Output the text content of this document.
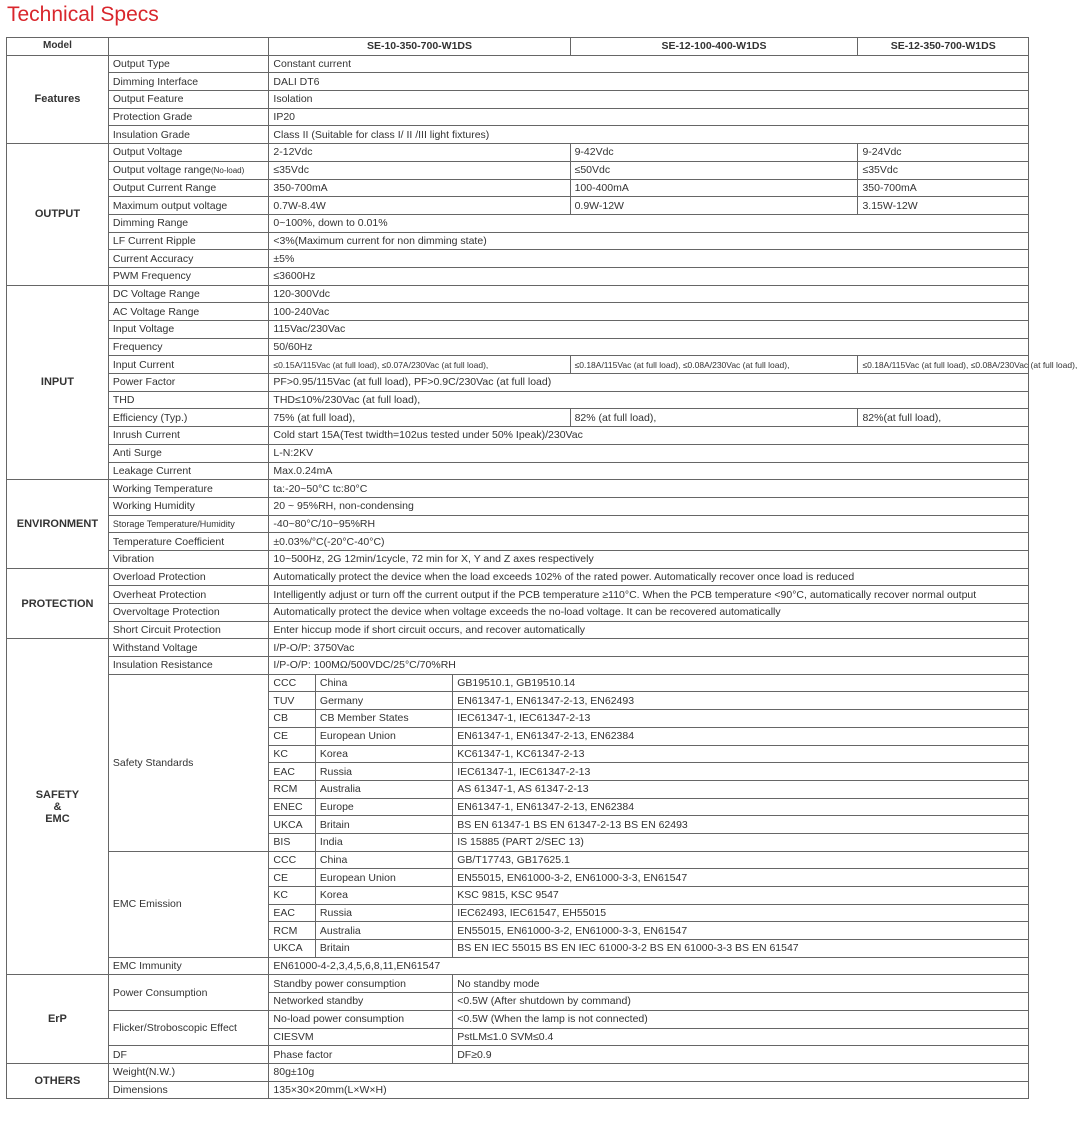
Technical Specs
Model		SE-10-350-700-W1DS			SE-12-100-400-W1DS	SE-12-350-700-W1DS
Features	Output Type	Constant current				
	Dimming Interface	DALI DT6				
	Output Feature	Isolation				
	Protection Grade	IP20				
	Insulation Grade	Class II (Suitable for class I/ II /III light fixtures)				
OUTPUT	Output Voltage	2-12Vdc			9-42Vdc	9-24Vdc
	Output voltage range(No-load)	≤35Vdc			≤50Vdc	≤35Vdc
	Output Current Range	350-700mA			100-400mA	350-700mA
	Maximum output voltage	0.7W-8.4W			0.9W-12W	3.15W-12W
	Dimming Range	0~100%, down to 0.01%				
	LF Current Ripple	<3%(Maximum current for non dimming state)				
	Current Accuracy	±5%				
	PWM Frequency	≤3600Hz				
INPUT	DC Voltage Range	120-300Vdc				
	AC Voltage Range	100-240Vac				
	Input Voltage	115Vac/230Vac				
	Frequency	50/60Hz				
	Input Current	≤0.15A/115Vac (at full load), ≤0.07A/230Vac (at full load),			≤0.18A/115Vac (at full load), ≤0.08A/230Vac (at full load),	≤0.18A/115Vac (at full load), ≤0.08A/230Vac (at full load),
	Power Factor	PF>0.95/115Vac (at full load), PF>0.9C/230Vac (at full load)				
	THD	THD≤10%/230Vac (at full load),				
	Efficiency (Typ.)	75% (at full load),			82% (at full load),	82%(at full load),
	Inrush Current	Cold start 15A(Test twidth=102us tested under 50% Ipeak)/230Vac				
	Anti Surge	L-N:2KV				
	Leakage Current	Max.0.24mA				
ENVIRONMENT	Working Temperature	ta:-20~50°C tc:80°C				
	Working Humidity	20 ~ 95%RH, non-condensing				
	Storage Temperature/Humidity	-40~80°C/10~95%RH				
	Temperature Coefficient	±0.03%/°C(-20°C-40°C)				
	Vibration	10~500Hz, 2G 12min/1cycle, 72 min for X, Y and Z axes respectively				
PROTECTION	Overload Protection	Automatically protect the device when the load exceeds 102% of the rated power. Automatically recover once load is reduced				
	Overheat Protection	Intelligently adjust or turn off the current output if the PCB temperature ≥110°C. When the PCB temperature <90°C, automatically recover normal output				
	Overvoltage Protection	Automatically protect the device when voltage exceeds the no-load voltage. It can be recovered automatically				
	Short Circuit Protection	Enter hiccup mode if short circuit occurs, and recover automatically				

SAFETY
&
EMC	Withstand Voltage	I/P-O/P: 3750Vac				
	Insulation Resistance	I/P-O/P: 100MΩ/500VDC/25°C/70%RH				
	Safety Standards	CCC	China	GB19510.1, GB19510.14		
		TUV	Germany	EN61347-1, EN61347-2-13, EN62493		
		CB	CB Member States	IEC61347-1, IEC61347-2-13		
		CE	European Union	EN61347-1, EN61347-2-13, EN62384		
		KC	Korea	KC61347-1, KC61347-2-13		
		EAC	Russia	IEC61347-1, IEC61347-2-13		
		RCM	Australia	AS 61347-1, AS 61347-2-13		
		ENEC	Europe	EN61347-1, EN61347-2-13, EN62384		
		UKCA	Britain	BS EN 61347-1 BS EN 61347-2-13 BS EN 62493		
		BIS	India	IS 15885 (PART 2/SEC 13)		
	EMC Emission	CCC	China	GB/T17743, GB17625.1		
		CE	European Union	EN55015, EN61000-3-2, EN61000-3-3, EN61547		
		KC	Korea	KSC 9815, KSC 9547		
		EAC	Russia	IEC62493, IEC61547, EH55015		
		RCM	Australia	EN55015, EN61000-3-2, EN61000-3-3, EN61547		
		UKCA	Britain	BS EN IEC 55015 BS EN IEC 61000-3-2 BS EN 61000-3-3 BS EN 61547		
	EMC Immunity	EN61000-4-2,3,4,5,6,8,11,EN61547				
ErP	Power Consumption	Standby power consumption		No standby mode		
		Networked standby		<0.5W (After shutdown by command)		
	Flicker/Stroboscopic Effect	No-load power consumption		<0.5W (When the lamp is not connected)		
		CIESVM		PstLM≤1.0 SVM≤0.4		
	DF	Phase factor		DF≥0.9		
OTHERS	Weight(N.W.)	80g±10g				
	Dimensions	135×30×20mm(L×W×H)				
